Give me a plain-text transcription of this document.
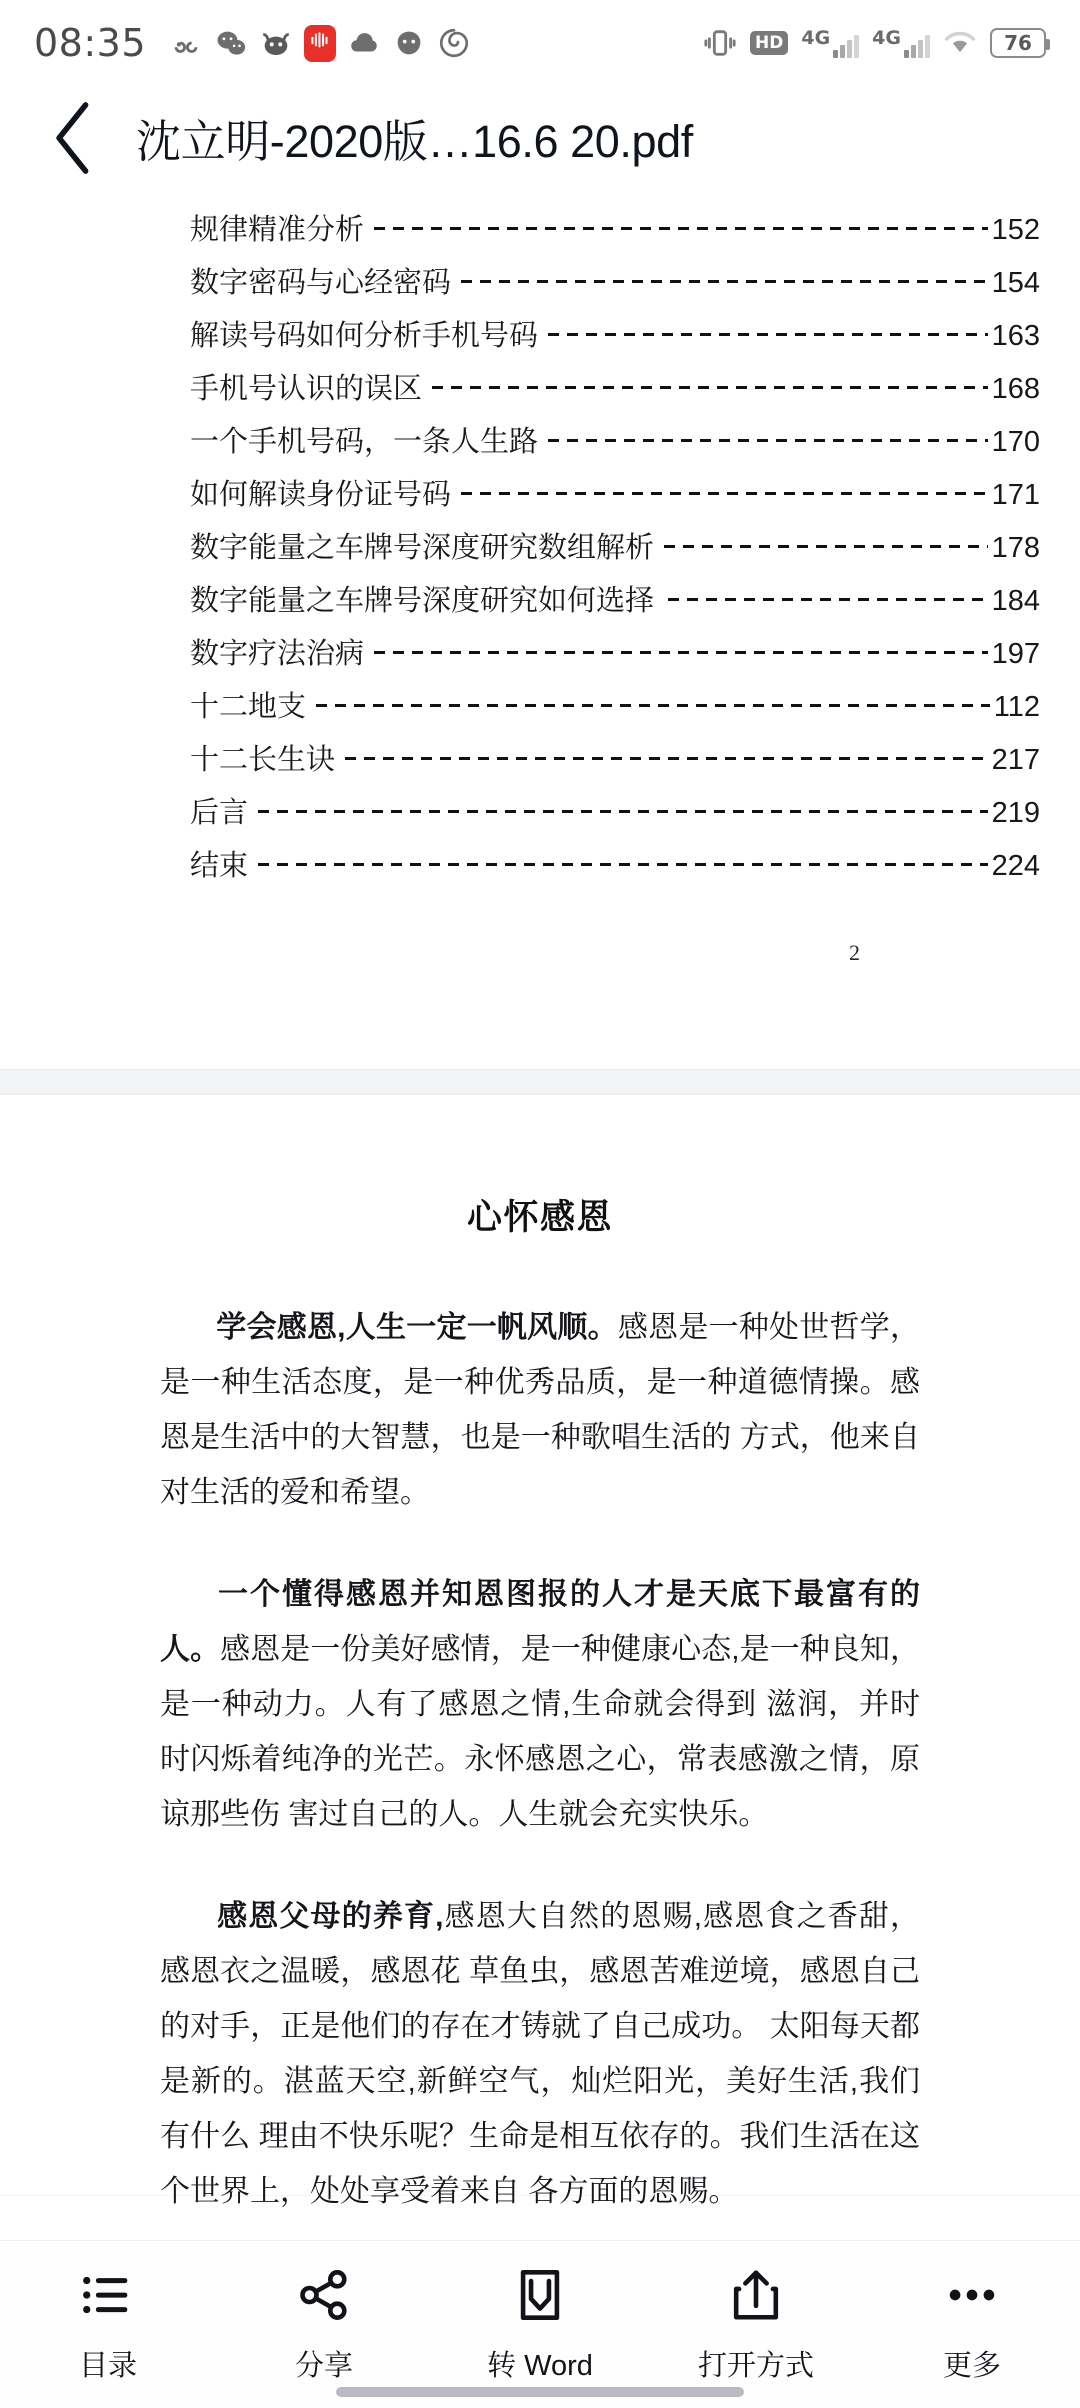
08:35	HD 4G 4G	76
沈立明-2020版…16.6 20.pdf
规律精准分析	152
数字密码与心经密码	154
解读号码如何分析手机号码	163
手机号认识的误区	168
一个手机号码，一条人生路	170
如何解读身份证号码	171
数字能量之车牌号深度研究数组解析	178
数字能量之车牌号深度研究如何选择	184
数字疗法治病	197
十二地支	112
十二长生诀	217
后言	219
结束	224
2
心怀感恩

学会感恩,人生一定一帆风顺。感恩是一种处世哲学，是一种生活态度，是一种优秀品质，是一种道德情操。感恩是生活中的大智慧，也是一种歌唱生活的 方式，他来自对生活的爱和希望。

一个懂得感恩并知恩图报的人才是天底下最富有的人。感恩是一份美好感情，是一种健康心态,是一种良知，是一种动力。人有了感恩之情,生命就会得到 滋润，并时时闪烁着纯净的光芒。永怀感恩之心，常表感激之情，原谅那些伤 害过自己的人。人生就会充实快乐。

感恩父母的养育,感恩大自然的恩赐,感恩食之香甜，感恩衣之温暖，感恩花 草鱼虫，感恩苦难逆境，感恩自己的对手，正是他们的存在才铸就了自己成功。 太阳每天都是新的。湛蓝天空,新鲜空气，灿烂阳光，美好生活,我们有什么 理由不快乐呢？生命是相互依存的。我们生活在这个世界上，处处享受着来自 各方面的恩赐。

目录	分享	转 Word	打开方式	更多
